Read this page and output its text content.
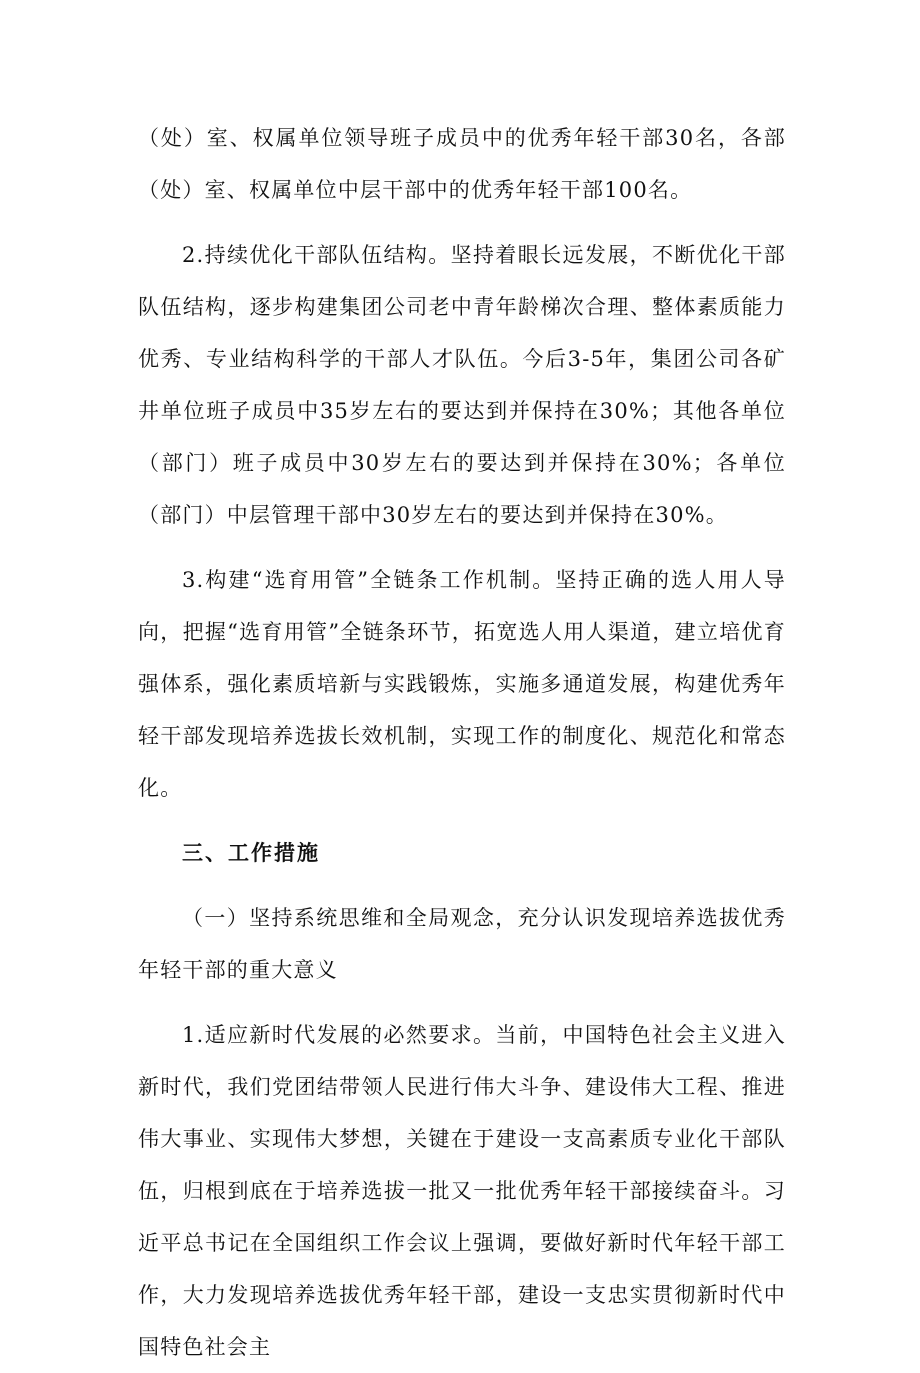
（处）室、权属单位领导班子成员中的优秀年轻干部30名，各部（处）室、权属单位中层干部中的优秀年轻干部100名。

2.持续优化干部队伍结构。坚持着眼长远发展，不断优化干部队伍结构，逐步构建集团公司老中青年龄梯次合理、整体素质能力优秀、专业结构科学的干部人才队伍。今后3-5年，集团公司各矿井单位班子成员中35岁左右的要达到并保持在30%；其他各单位（部门）班子成员中30岁左右的要达到并保持在30%；各单位（部门）中层管理干部中30岁左右的要达到并保持在30%。

3.构建“选育用管”全链条工作机制。坚持正确的选人用人导向，把握“选育用管”全链条环节，拓宽选人用人渠道，建立培优育强体系，强化素质培新与实践锻炼，实施多通道发展，构建优秀年轻干部发现培养选拔长效机制，实现工作的制度化、规范化和常态化。

三、工作措施

（一）坚持系统思维和全局观念，充分认识发现培养选拔优秀年轻干部的重大意义

1.适应新时代发展的必然要求。当前，中国特色社会主义进入新时代，我们党团结带领人民进行伟大斗争、建设伟大工程、推进伟大事业、实现伟大梦想，关键在于建设一支高素质专业化干部队伍，归根到底在于培养选拔一批又一批优秀年轻干部接续奋斗。习近平总书记在全国组织工作会议上强调，要做好新时代年轻干部工作，大力发现培养选拔优秀年轻干部，建设一支忠实贯彻新时代中国特色社会主
